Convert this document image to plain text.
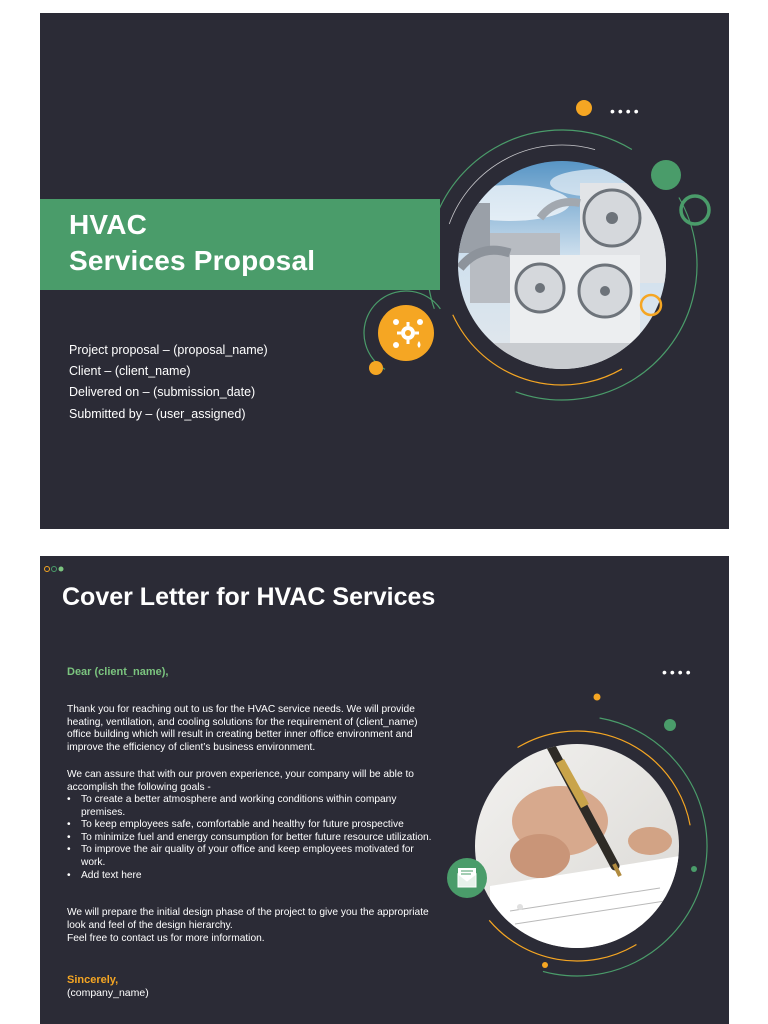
HVAC
Services Proposal
Project proposal – (proposal_name)
Client – (client_name)
Delivered on – (submission_date)
Submitted by – (user_assigned)
••••
Cover Letter for HVAC Services
Dear (client_name),
Thank you for reaching out to us for the HVAC service needs. We will provide heating, ventilation, and cooling solutions for the requirement of (client_name) office building which will result in creating better inner office environment and improve the efficiency of client’s business environment.
We can assure that with our proven experience, your company will be able to accomplish the following goals -
• To create a better atmosphere and working conditions within company premises.
• To keep employees safe, comfortable and healthy for future prospective
• To minimize fuel and energy consumption for better future resource utilization.
• To improve the air quality of your office and keep employees motivated for work.
• Add text here
We will prepare the initial design phase of the project to give you the appropriate look and feel of the design hierarchy.
Feel free to contact us for more information.
Sincerely,
(company_name)
••••
